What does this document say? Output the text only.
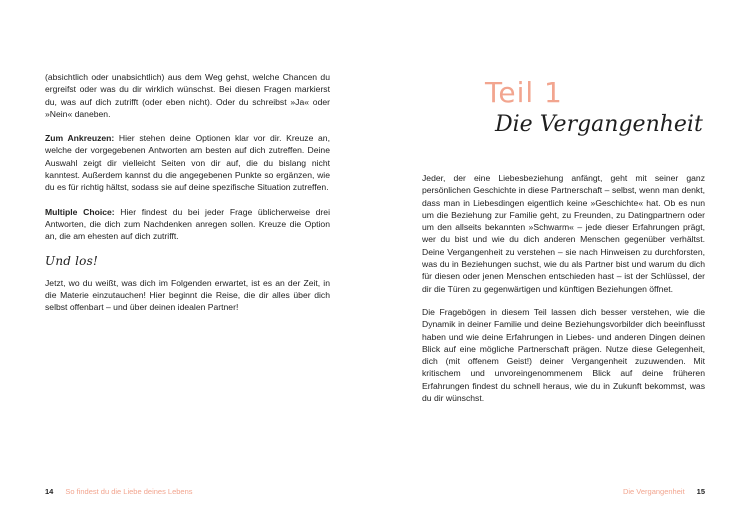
(absichtlich oder unabsichtlich) aus dem Weg gehst, welche Chancen du ergreifst oder was du dir wirklich wünschst. Bei diesen Fragen markierst du, was auf dich zutrifft (oder eben nicht). Oder du schreibst »Ja« oder »Nein« daneben.

Zum Ankreuzen: Hier stehen deine Optionen klar vor dir. Kreuze an, welche der vorgegebenen Antworten am besten auf dich zutreffen. Deine Auswahl zeigt dir vielleicht Seiten von dir auf, die du bislang nicht kanntest. Außerdem kannst du die angegebenen Punkte so ergänzen, wie du es für richtig hältst, sodass sie auf deine spezifische Situation zutreffen.

Multiple Choice: Hier findest du bei jeder Frage üblicherweise drei Antworten, die dich zum Nachdenken anregen sollen. Kreuze die Option an, die am ehesten auf dich zutrifft.

Und los!

Jetzt, wo du weißt, was dich im Folgenden erwartet, ist es an der Zeit, in die Materie einzutauchen! Hier beginnt die Reise, die dir alles über dich selbst offenbart – und über deinen idealen Partner!

14 So findest du die Liebe deines Lebens
Teil 1
Die Vergangenheit

Jeder, der eine Liebesbeziehung anfängt, geht mit seiner ganz persönlichen Geschichte in diese Partnerschaft – selbst, wenn man denkt, dass man in Liebesdingen eigentlich keine »Geschichte« hat. Ob es nun um die Beziehung zur Familie geht, zu Freunden, zu Datingpartnern oder um den allseits bekannten »Schwarm« – jede dieser Erfahrungen prägt, wer du bist und wie du dich anderen Menschen gegenüber verhältst. Deine Vergangenheit zu verstehen – sie nach Hinweisen zu durchforsten, was du in Beziehungen suchst, wie du als Partner bist und warum du dich für diesen oder jenen Menschen entschieden hast – ist der Schlüssel, der dir die Türen zu gegenwärtigen und künftigen Beziehungen öffnet.

Die Fragebögen in diesem Teil lassen dich besser verstehen, wie die Dynamik in deiner Familie und deine Beziehungsvorbilder dich beeinflusst haben und wie deine Erfahrungen in Liebes- und anderen Dingen deinen Blick auf eine mögliche Partnerschaft prägen. Nutze diese Gelegenheit, dich (mit offenem Geist!) deiner Vergangenheit zuzuwenden. Mit kritischem und unvoreingenommenem Blick auf deine früheren Erfahrungen findest du schnell heraus, wie du in Zukunft bekommst, was du dir wünschst.

Die Vergangenheit 15
